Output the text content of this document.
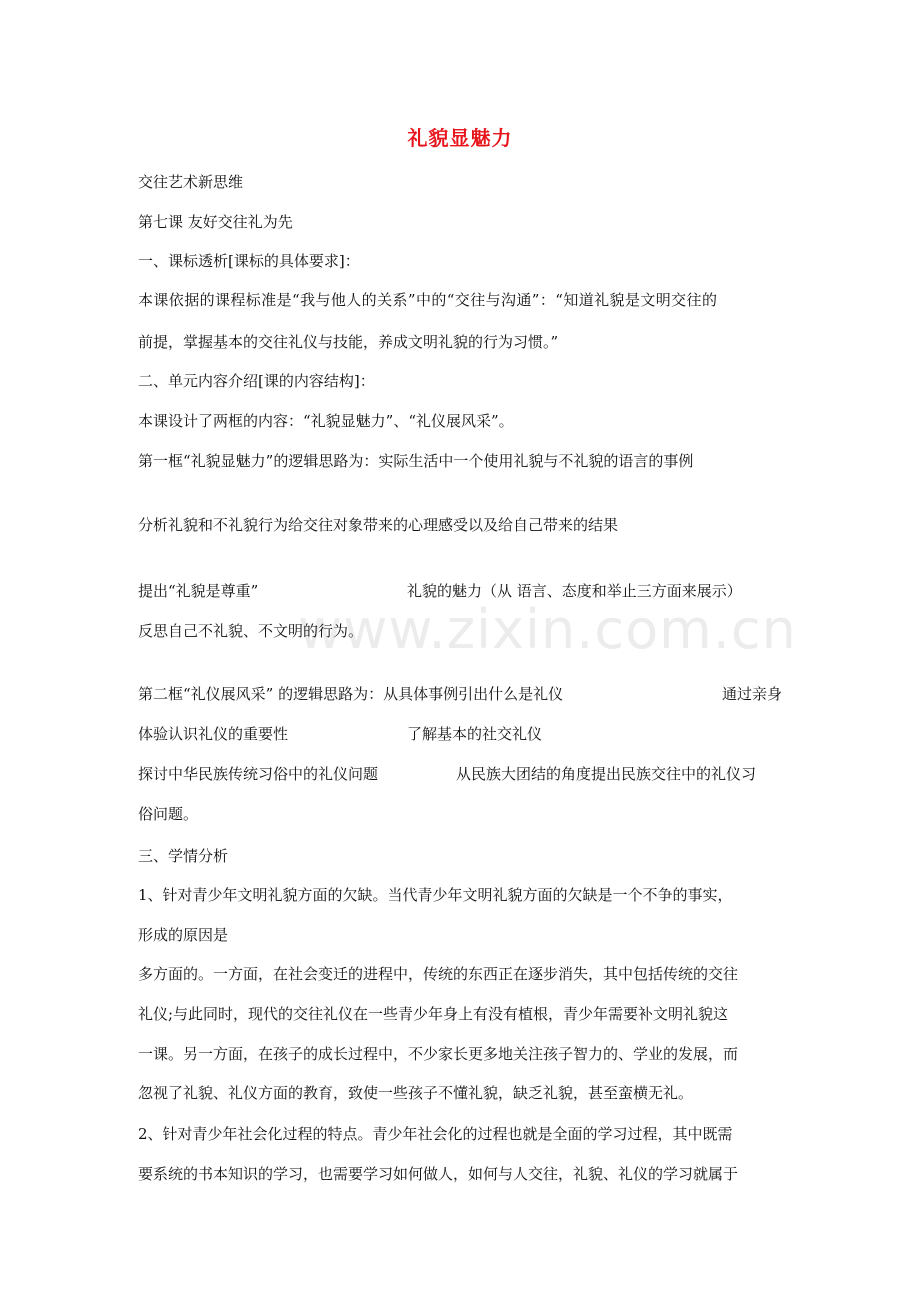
www.zixin.com.cn
礼貌显魅力
交往艺术新思维
第七课 友好交往礼为先
一、课标透析[课标的具体要求]：
本课依据的课程标准是“我与他人的关系”中的“交往与沟通”：“知道礼貌是文明交往的
前提，掌握基本的交往礼仪与技能，养成文明礼貌的行为习惯。”
二、单元内容介绍[课的内容结构]：
本课设计了两框的内容：“礼貌显魅力”、“礼仪展风采”。
第一框“礼貌显魅力”的逻辑思路为：实际生活中一个使用礼貌与不礼貌的语言的事例
分析礼貌和不礼貌行为给交往对象带来的心理感受以及给自己带来的结果
提出“礼貌是尊重”	礼貌的魅力（从 语言、态度和举止三方面来展示）
反思自己不礼貌、不文明的行为。
第二框“礼仪展风采” 的逻辑思路为：从具体事例引出什么是礼仪	通过亲身
体验认识礼仪的重要性	了解基本的社交礼仪
探讨中华民族传统习俗中的礼仪问题	从民族大团结的角度提出民族交往中的礼仪习
俗问题。
三、学情分析
1、针对青少年文明礼貌方面的欠缺。当代青少年文明礼貌方面的欠缺是一个不争的事实，
形成的原因是
多方面的。一方面，在社会变迁的进程中，传统的东西正在逐步消失，其中包括传统的交往
礼仪;与此同时，现代的交往礼仪在一些青少年身上有没有植根，青少年需要补文明礼貌这
一课。另一方面，在孩子的成长过程中，不少家长更多地关注孩子智力的、学业的发展，而
忽视了礼貌、礼仪方面的教育，致使一些孩子不懂礼貌，缺乏礼貌，甚至蛮横无礼。
2、针对青少年社会化过程的特点。青少年社会化的过程也就是全面的学习过程，其中既需
要系统的书本知识的学习，也需要学习如何做人，如何与人交往，礼貌、礼仪的学习就属于
